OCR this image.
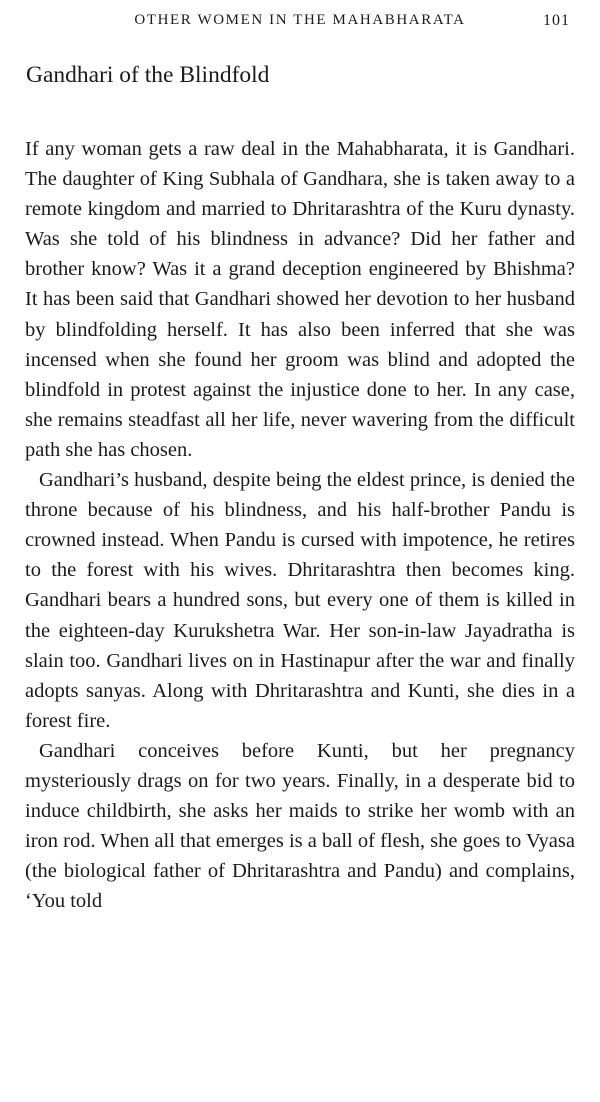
OTHER WOMEN IN THE MAHABHARATA	101
Gandhari of the Blindfold

If any woman gets a raw deal in the Mahabharata, it is Gandhari. The daughter of King Subhala of Gandhara, she is taken away to a remote kingdom and married to Dhritarashtra of the Kuru dynasty. Was she told of his blindness in advance? Did her father and brother know? Was it a grand deception engineered by Bhishma? It has been said that Gandhari showed her devotion to her husband by blindfolding herself. It has also been inferred that she was incensed when she found her groom was blind and adopted the blindfold in protest against the injustice done to her. In any case, she remains steadfast all her life, never wavering from the difficult path she has chosen.

Gandhari’s husband, despite being the eldest prince, is denied the throne because of his blindness, and his half-brother Pandu is crowned instead. When Pandu is cursed with impotence, he retires to the forest with his wives. Dhritarashtra then becomes king. Gandhari bears a hundred sons, but every one of them is killed in the eighteen-day Kurukshetra War. Her son-in-law Jayadratha is slain too. Gandhari lives on in Hastinapur after the war and finally adopts sanyas. Along with Dhritarashtra and Kunti, she dies in a forest fire.

Gandhari conceives before Kunti, but her pregnancy mysteriously drags on for two years. Finally, in a desperate bid to induce childbirth, she asks her maids to strike her womb with an iron rod. When all that emerges is a ball of flesh, she goes to Vyasa (the biological father of Dhritarashtra and Pandu) and complains, ‘You told
